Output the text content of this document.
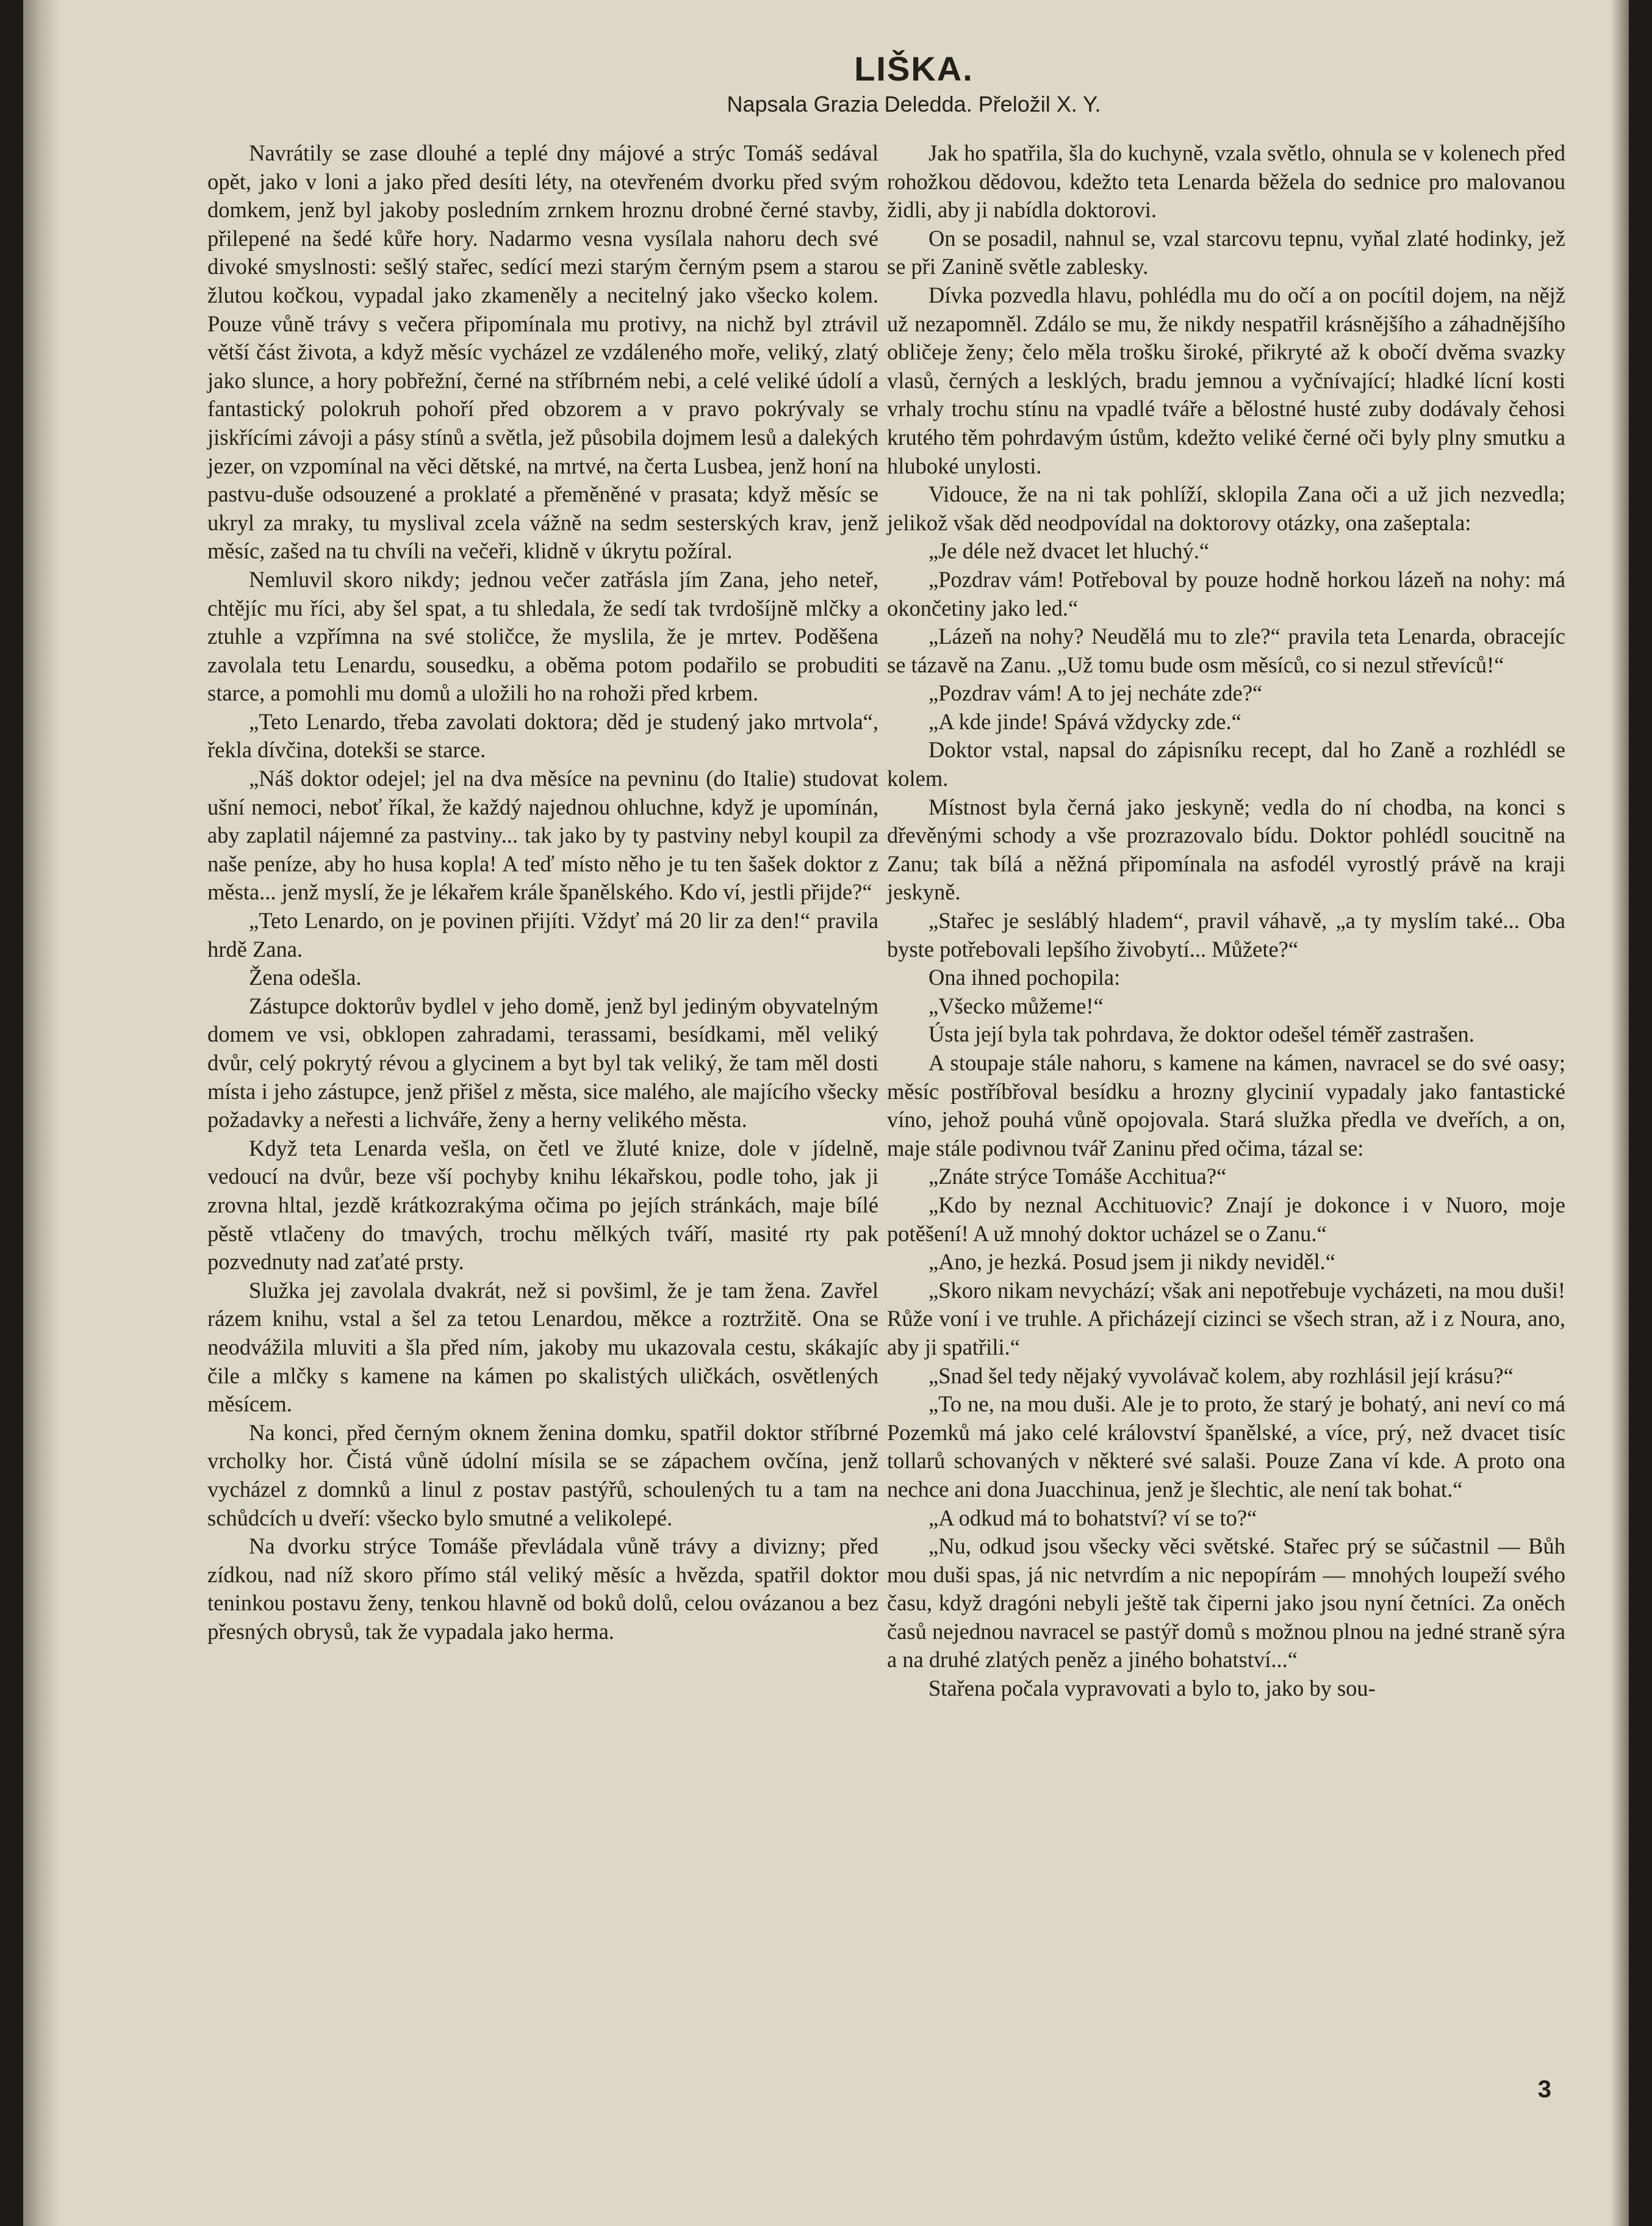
LIŠKA.
Napsala Grazia Deledda. Přeložil X. Y.

Navrátily se zase dlouhé a teplé dny májové a strýc Tomáš sedával opět, jako v loni a jako před desíti léty, na otevřeném dvorku před svým domkem, jenž byl jakoby posledním zrnkem hroznu drobné černé stavby, přilepené na šedé kůře hory. Nadarmo vesna vysílala nahoru dech své divoké smyslnosti: sešlý stařec, sedící mezi starým černým psem a starou žlutou kočkou, vypadal jako zkameněly a necitelný jako všecko kolem. Pouze vůně trávy s večera připomínala mu protivy, na nichž byl ztrávil větší část života, a když měsíc vycházel ze vzdáleného moře, veliký, zlatý jako slunce, a hory pobřežní, černé na stříbrném nebi, a celé veliké údolí a fantastický polokruh pohoří před obzorem a v pravo pokrývaly se jiskřícími závoji a pásy stínů a světla, jež působila dojmem lesů a dalekých jezer, on vzpomínal na věci dětské, na mrtvé, na čerta Lusbea, jenž honí na pastvu-duše odsouzené a proklaté a přeměněné v prasata; když měsíc se ukryl za mraky, tu myslival zcela vážně na sedm sesterských krav, jenž měsíc, zašed na tu chvíli na večeři, klidně v úkrytu požíral.

Nemluvil skoro nikdy; jednou večer zatřásla jím Zana, jeho neteř, chtějíc mu říci, aby šel spat, a tu shledala, že sedí tak tvrdošíjně mlčky a ztuhle a vzpřímna na své stoličce, že myslila, že je mrtev. Poděšena zavolala tetu Lenardu, sousedku, a oběma potom podařilo se probuditi starce, a pomohli mu domů a uložili ho na rohoži před krbem.

„Teto Lenardo, třeba zavolati doktora; děd je studený jako mrtvola“, řekla dívčina, dotekši se starce.

„Náš doktor odejel; jel na dva měsíce na pevninu (do Italie) studovat ušní nemoci, neboť říkal, že každý najednou ohluchne, když je upomínán, aby zaplatil nájemné za pastviny... tak jako by ty pastviny nebyl koupil za naše peníze, aby ho husa kopla! A teď místo něho je tu ten šašek doktor z města... jenž myslí, že je lékařem krále španělského. Kdo ví, jestli přijde?“

„Teto Lenardo, on je povinen přijíti. Vždyť má 20 lir za den!“ pravila hrdě Zana.

Žena odešla.

Zástupce doktorův bydlel v jeho domě, jenž byl jediným obyvatelným domem ve vsi, obklopen zahradami, terassami, besídkami, měl veliký dvůr, celý pokrytý révou a glycinem a byt byl tak veliký, že tam měl dosti místa i jeho zástupce, jenž přišel z města, sice malého, ale majícího všecky požadavky a neřesti a lichváře, ženy a herny velikého města.

Když teta Lenarda vešla, on četl ve žluté knize, dole v jídelně, vedoucí na dvůr, beze vší pochyby knihu lékařskou, podle toho, jak ji zrovna hltal, jezdě krátkozrakýma očima po jejích stránkách, maje bílé pěstě vtlačeny do tmavých, trochu mělkých tváří, masité rty pak pozvednuty nad zaťaté prsty.

Služka jej zavolala dvakrát, než si povšiml, že je tam žena. Zavřel rázem knihu, vstal a šel za tetou Lenardou, měkce a roztržitě. Ona se neodvážila mluviti a šla před ním, jakoby mu ukazovala cestu, skákajíc čile a mlčky s kamene na kámen po skalistých uličkách, osvětlených měsícem.

Na konci, před černým oknem ženina domku, spatřil doktor stříbrné vrcholky hor. Čistá vůně údolní mísila se se zápachem ovčína, jenž vycházel z domnků a linul z postav pastýřů, schoulených tu a tam na schůdcích u dveří: všecko bylo smutné a velikolepé.

Na dvorku strýce Tomáše převládala vůně trávy a divizny; před zídkou, nad níž skoro přímo stál veliký měsíc a hvězda, spatřil doktor teninkou postavu ženy, tenkou hlavně od boků dolů, celou ovázanou a bez přesných obrysů, tak že vypadala jako herma.

Jak ho spatřila, šla do kuchyně, vzala světlo, ohnula se v kolenech před rohožkou dědovou, kdežto teta Lenarda běžela do sednice pro malovanou židli, aby ji nabídla doktorovi.

On se posadil, nahnul se, vzal starcovu tepnu, vyňal zlaté hodinky, jež se při Zanině světle zablesky.

Dívka pozvedla hlavu, pohlédla mu do očí a on pocítil dojem, na nějž už nezapomněl. Zdálo se mu, že nikdy nespatřil krásnějšího a záhadnějšího obličeje ženy; čelo měla trošku široké, přikryté až k obočí dvěma svazky vlasů, černých a lesklých, bradu jemnou a vyčnívající; hladké lícní kosti vrhaly trochu stínu na vpadlé tváře a bělostné husté zuby dodávaly čehosi krutého těm pohrdavým ústům, kdežto veliké černé oči byly plny smutku a hluboké unylosti.

Vidouce, že na ni tak pohlíží, sklopila Zana oči a už jich nezvedla; jelikož však děd neodpovídal na doktorovy otázky, ona zašeptala:

„Je déle než dvacet let hluchý.“

„Pozdrav vám! Potřeboval by pouze hodně horkou lázeň na nohy: má okončetiny jako led.“

„Lázeň na nohy? Neudělá mu to zle?“ pravila teta Lenarda, obracejíc se tázavě na Zanu. „Už tomu bude osm měsíců, co si nezul střevíců!“

„Pozdrav vám! A to jej necháte zde?“

„A kde jinde! Spává vždycky zde.“

Doktor vstal, napsal do zápisníku recept, dal ho Zaně a rozhlédl se kolem.

Místnost byla černá jako jeskyně; vedla do ní chodba, na konci s dřevěnými schody a vše prozrazovalo bídu. Doktor pohlédl soucitně na Zanu; tak bílá a něžná připomínala na asfodél vyrostlý právě na kraji jeskyně.

„Stařec je sesláblý hladem“, pravil váhavě, „a ty myslím také... Oba byste potřebovali lepšího živobytí... Můžete?“

Ona ihned pochopila:

„Všecko můžeme!“

Ústa její byla tak pohrdava, že doktor odešel téměř zastrašen.

A stoupaje stále nahoru, s kamene na kámen, navracel se do své oasy; měsíc postříbřoval besídku a hrozny glycinií vypadaly jako fantastické víno, jehož pouhá vůně opojovala. Stará služka předla ve dveřích, a on, maje stále podivnou tvář Zaninu před očima, tázal se:

„Znáte strýce Tomáše Acchitua?“

„Kdo by neznal Acchituovic? Znají je dokonce i v Nuoro, moje potěšení! A už mnohý doktor ucházel se o Zanu.“

„Ano, je hezká. Posud jsem ji nikdy neviděl.“

„Skoro nikam nevychází; však ani nepotřebuje vycházeti, na mou duši! Růže voní i ve truhle. A přicházejí cizinci se všech stran, až i z Noura, ano, aby ji spatřili.“

„Snad šel tedy nějaký vyvolávač kolem, aby rozhlásil její krásu?“

„To ne, na mou duši. Ale je to proto, že starý je bohatý, ani neví co má Pozemků má jako celé království španělské, a více, prý, než dvacet tisíc tollarů schovaných v některé své salaši. Pouze Zana ví kde. A proto ona nechce ani dona Juacchinua, jenž je šlechtic, ale není tak bohat.“

„A odkud má to bohatství? ví se to?“

„Nu, odkud jsou všecky věci světské. Stařec prý se súčastnil — Bůh mou duši spas, já nic netvrdím a nic nepopírám — mnohých loupeží svého času, když dragóni nebyli ještě tak čiperni jako jsou nyní četníci. Za oněch časů nejednou navracel se pastýř domů s možnou plnou na jedné straně sýra a na druhé zlatých peněz a jiného bohatství...“

Stařena počala vypravovati a bylo to, jako by sou-

3
